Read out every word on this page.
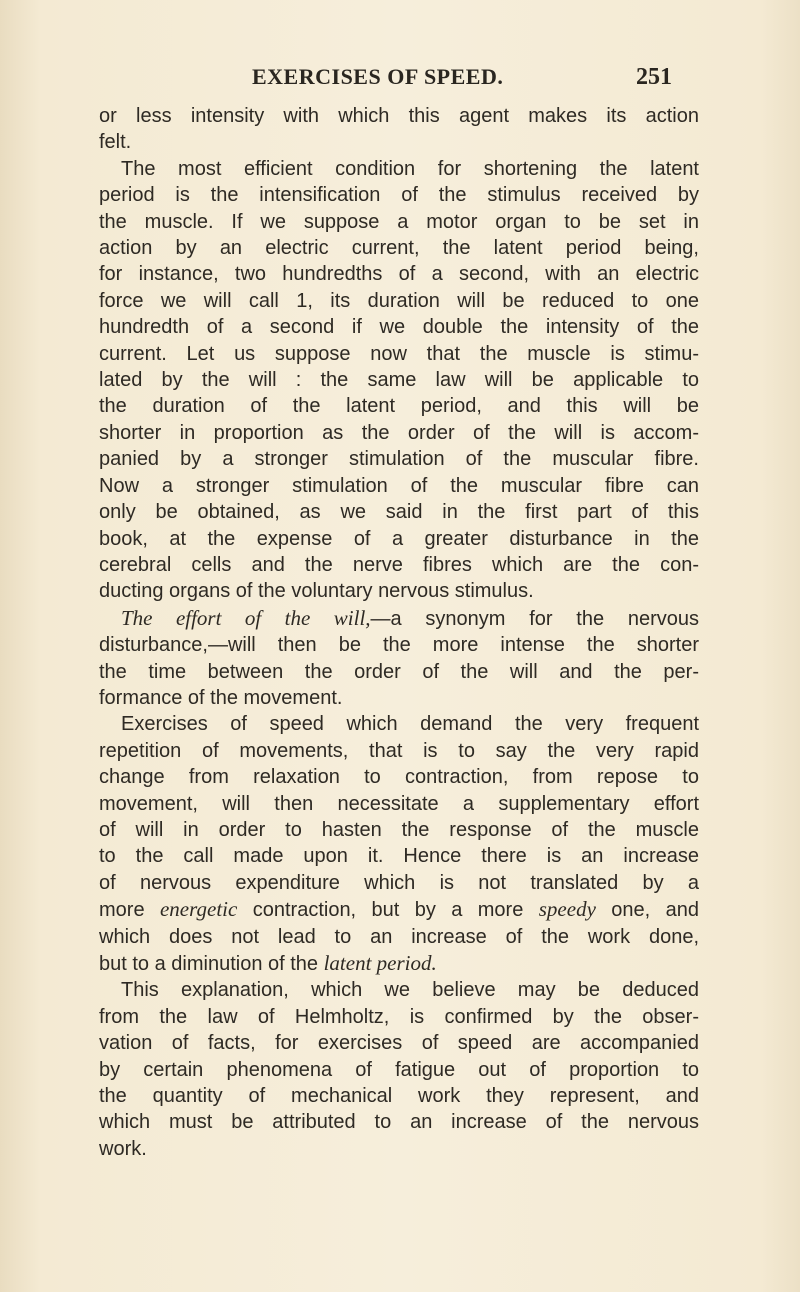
EXERCISES OF SPEED.	251
or less intensity with which this agent makes its action
felt.
The most efficient condition for shortening the latent
period is the intensification of the stimulus received by
the muscle. If we suppose a motor organ to be set in
action by an electric current, the latent period being,
for instance, two hundredths of a second, with an electric
force we will call 1, its duration will be reduced to one
hundredth of a second if we double the intensity of the
current. Let us suppose now that the muscle is stimu-
lated by the will : the same law will be applicable to
the duration of the latent period, and this will be
shorter in proportion as the order of the will is accom-
panied by a stronger stimulation of the muscular fibre.
Now a stronger stimulation of the muscular fibre can
only be obtained, as we said in the first part of this
book, at the expense of a greater disturbance in the
cerebral cells and the nerve fibres which are the con-
ducting organs of the voluntary nervous stimulus.
The effort of the will,—a synonym for the nervous
disturbance,—will then be the more intense the shorter
the time between the order of the will and the per-
formance of the movement.
Exercises of speed which demand the very frequent
repetition of movements, that is to say the very rapid
change from relaxation to contraction, from repose to
movement, will then necessitate a supplementary effort
of will in order to hasten the response of the muscle
to the call made upon it. Hence there is an increase
of nervous expenditure which is not translated by a
more energetic contraction, but by a more speedy one, and
which does not lead to an increase of the work done,
but to a diminution of the latent period.
This explanation, which we believe may be deduced
from the law of Helmholtz, is confirmed by the obser-
vation of facts, for exercises of speed are accompanied
by certain phenomena of fatigue out of proportion to
the quantity of mechanical work they represent, and
which must be attributed to an increase of the nervous
work.
